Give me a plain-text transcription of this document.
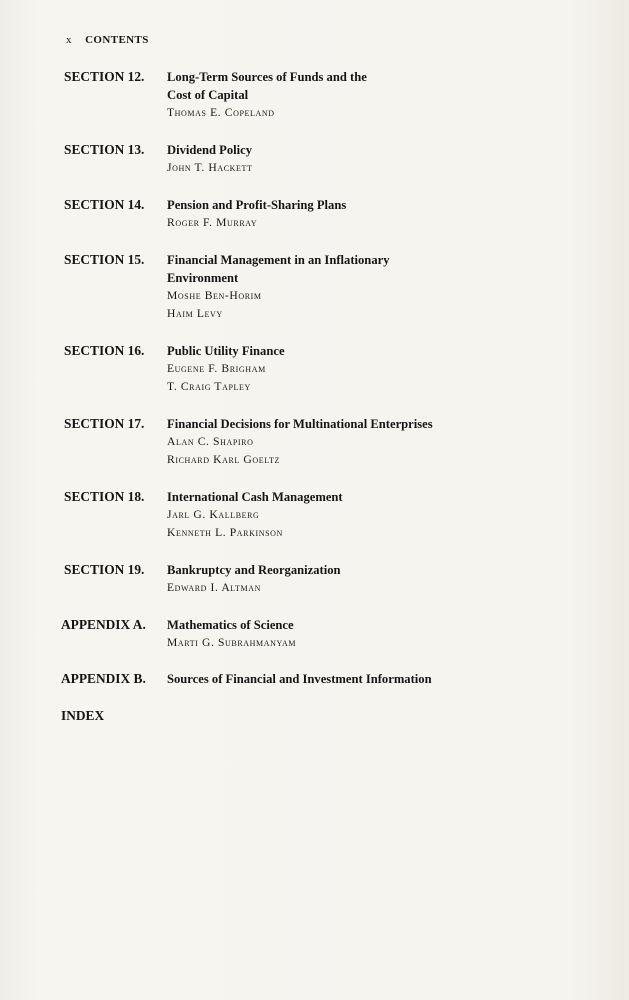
x CONTENTS
SECTION 12. Long-Term Sources of Funds and the
Cost of Capital
Thomas E. Copeland
SECTION 13. Dividend Policy
John T. Hackett
SECTION 14. Pension and Profit-Sharing Plans
Roger F. Murray
SECTION 15. Financial Management in an Inflationary
Environment
Moshe Ben-Horim
Haim Levy
SECTION 16. Public Utility Finance
Eugene F. Brigham
T. Craig Tapley
SECTION 17. Financial Decisions for Multinational Enterprises
Alan C. Shapiro
Richard Karl Goeltz
SECTION 18. International Cash Management
Jarl G. Kallberg
Kenneth L. Parkinson
SECTION 19. Bankruptcy and Reorganization
Edward I. Altman
APPENDIX A. Mathematics of Science
Marti G. Subrahmanyam
APPENDIX B. Sources of Financial and Investment Information
INDEX
